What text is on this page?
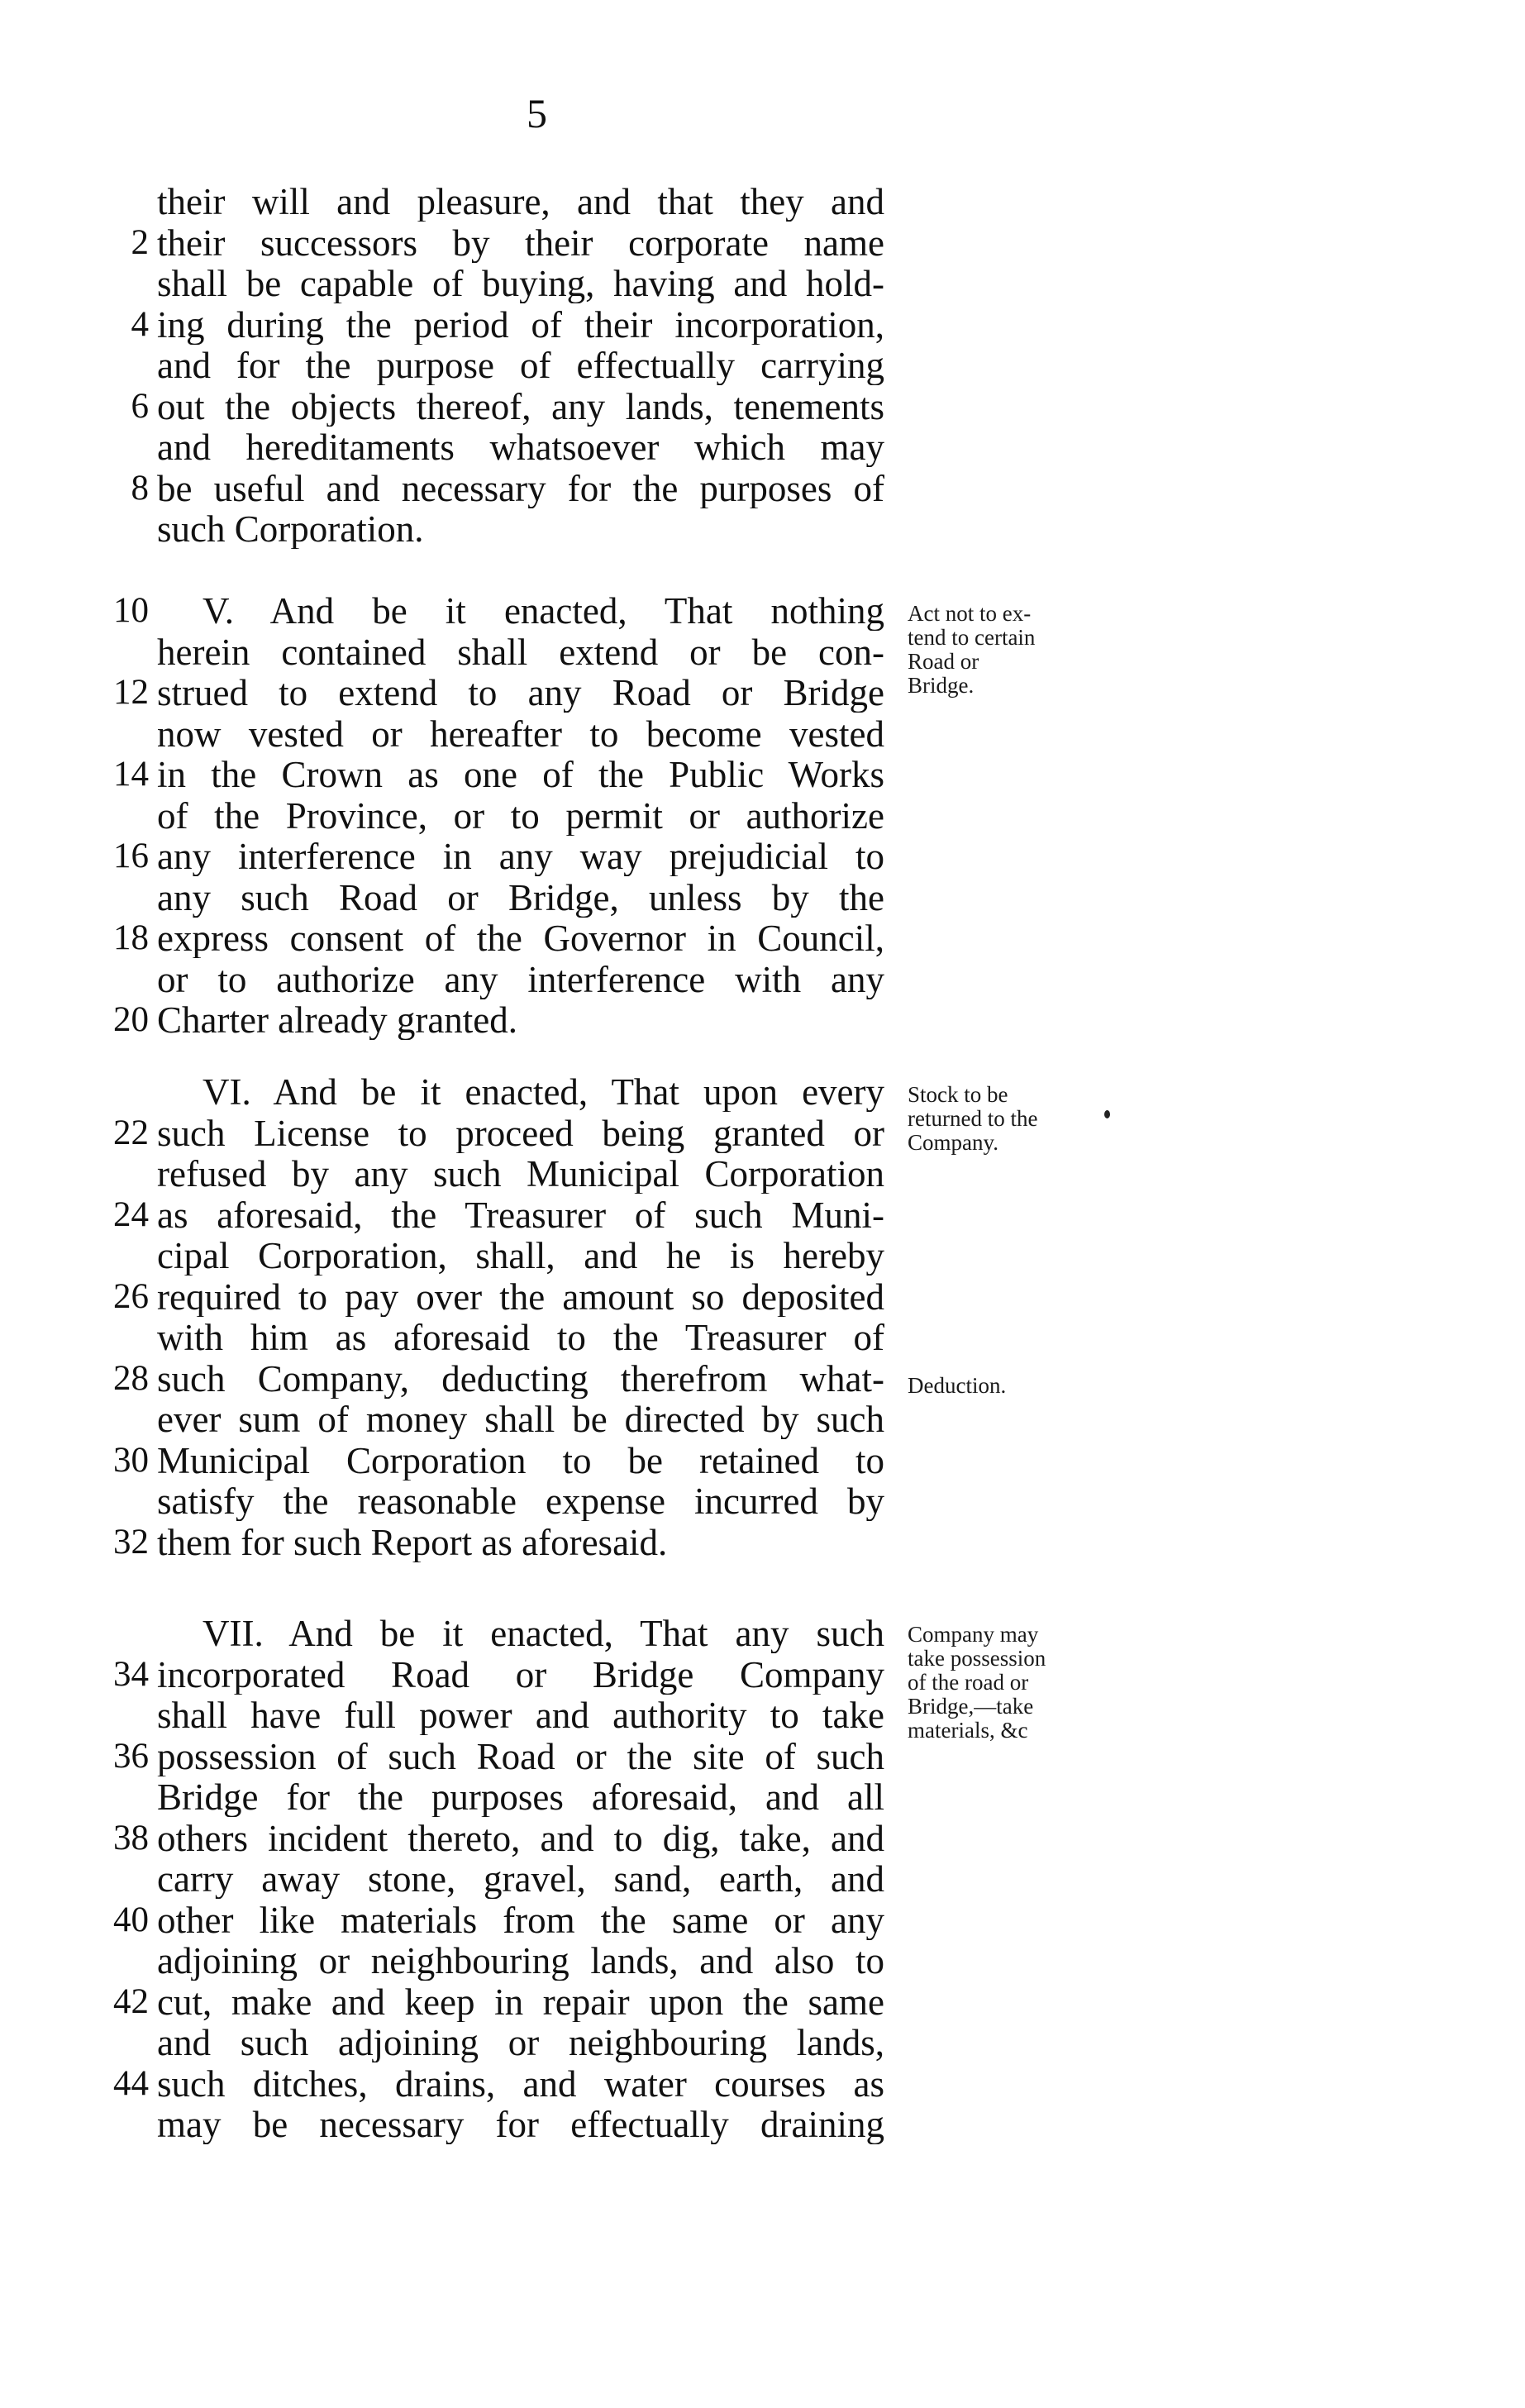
5
their will and pleasure, and that they and
2 their successors by their corporate name
shall be capable of buying, having and hold-
4 ing during the period of their incorporation,
and for the purpose of effectually carrying
6 out the objects thereof, any lands, tenements
and hereditaments whatsoever which may
8 be useful and necessary for the purposes of
such Corporation.
10 V. And be it enacted, That nothing
herein contained shall extend or be con-
12 strued to extend to any Road or Bridge
now vested or hereafter to become vested
14 in the Crown as one of the Public Works
of the Province, or to permit or authorize
16 any interference in any way prejudicial to
any such Road or Bridge, unless by the
18 express consent of the Governor in Council,
or to authorize any interference with any
20 Charter already granted.
Act not to ex-
tend to certain
Road or
Bridge.
VI. And be it enacted, That upon every
22 such License to proceed being granted or
refused by any such Municipal Corporation
24 as aforesaid, the Treasurer of such Muni-
cipal Corporation, shall, and he is hereby
26 required to pay over the amount so deposited
with him as aforesaid to the Treasurer of
28 such Company, deducting therefrom what-
ever sum of money shall be directed by such
30 Municipal Corporation to be retained to
satisfy the reasonable expense incurred by
32 them for such Report as aforesaid.
Stock to be
returned to the
Company.
Deduction.
VII. And be it enacted, That any such
34 incorporated Road or Bridge Company
shall have full power and authority to take
36 possession of such Road or the site of such
Bridge for the purposes aforesaid, and all
38 others incident thereto, and to dig, take, and
carry away stone, gravel, sand, earth, and
40 other like materials from the same or any
adjoining or neighbouring lands, and also to
42 cut, make and keep in repair upon the same
and such adjoining or neighbouring lands,
44 such ditches, drains, and water courses as
may be necessary for effectually draining
Company may
take possession
of the road or
Bridge,—take
materials, &c
